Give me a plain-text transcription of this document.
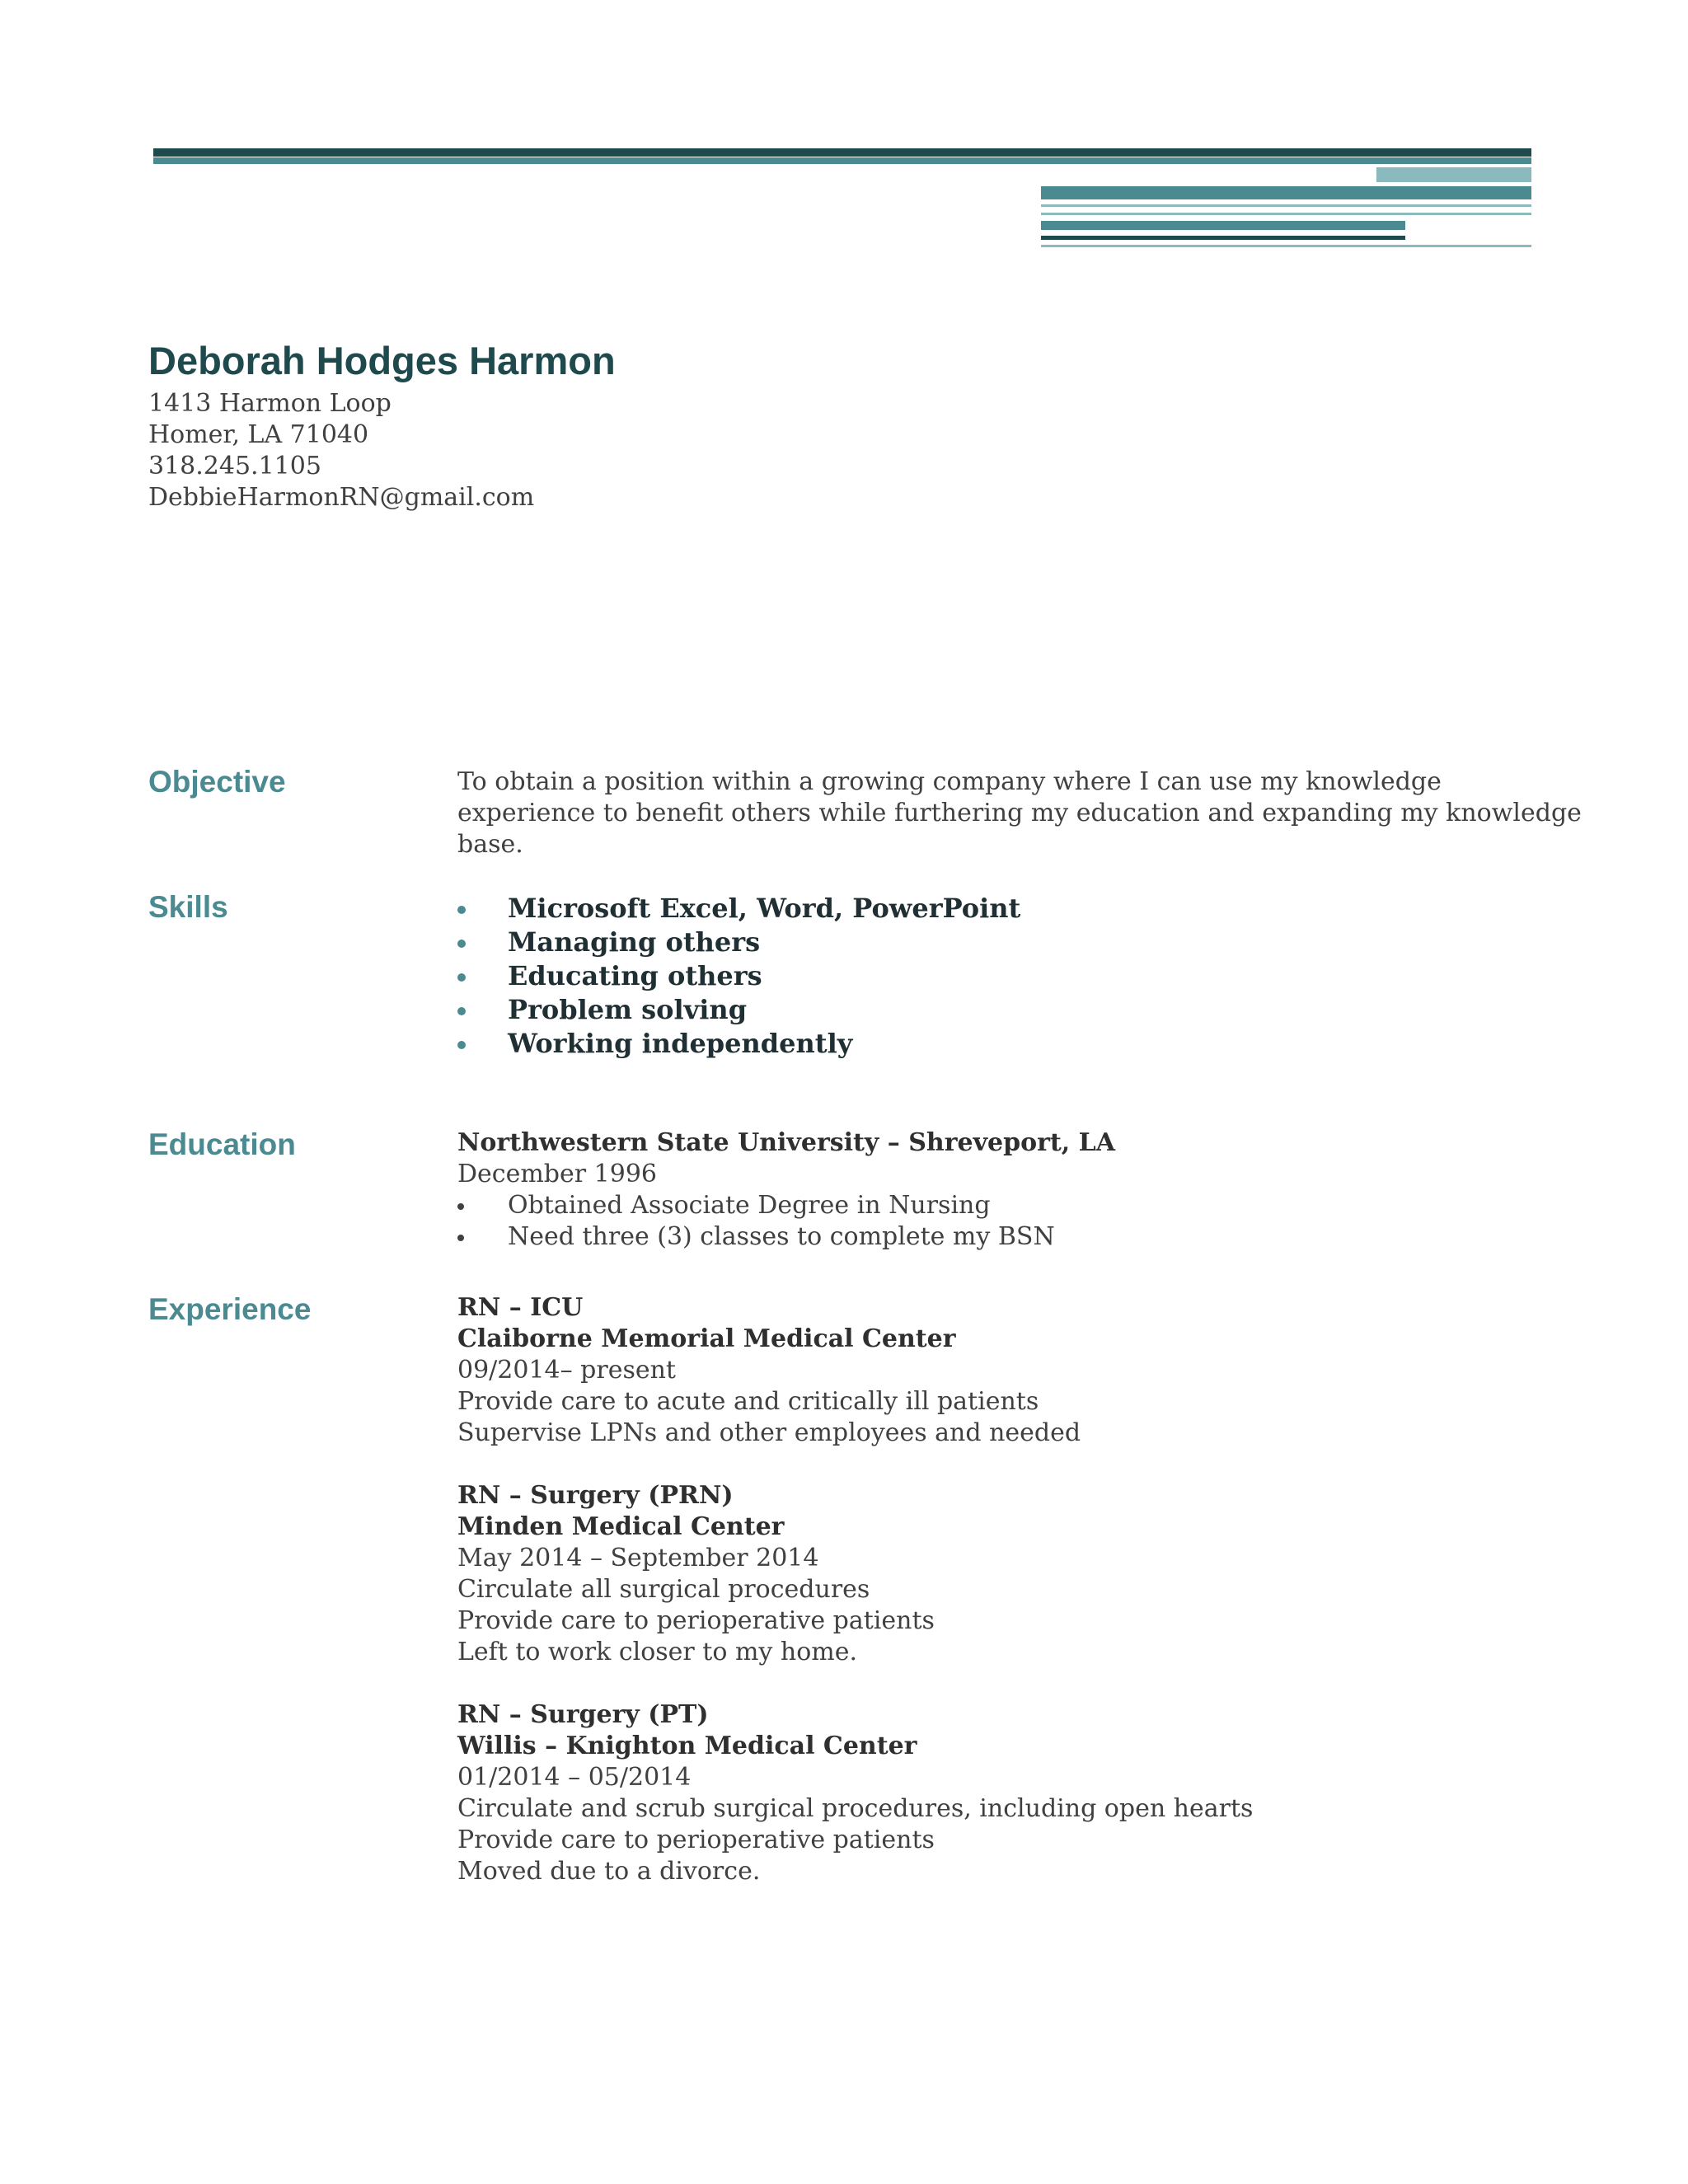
Deborah Hodges Harmon
1413 Harmon Loop
Homer, LA 71040
318.245.1105
DebbieHarmonRN@gmail.com
Objective	To obtain a position within a growing company where I can use my knowledge
experience to benefit others while furthering my education and expanding my knowledge
base.
Skills	Microsoft Excel, Word, PowerPoint
Managing others
Educating others
Problem solving
Working independently
Education	Northwestern State University – Shreveport, LA
December 1996
Obtained Associate Degree in Nursing
Need three (3) classes to complete my BSN
Experience	RN – ICU
Claiborne Memorial Medical Center
09/2014– present
Provide care to acute and critically ill patients
Supervise LPNs and other employees and needed
RN – Surgery (PRN)
Minden Medical Center
May 2014 – September 2014
Circulate all surgical procedures
Provide care to perioperative patients
Left to work closer to my home.
RN – Surgery (PT)
Willis – Knighton Medical Center
01/2014 – 05/2014
Circulate and scrub surgical procedures, including open hearts
Provide care to perioperative patients
Moved due to a divorce.
